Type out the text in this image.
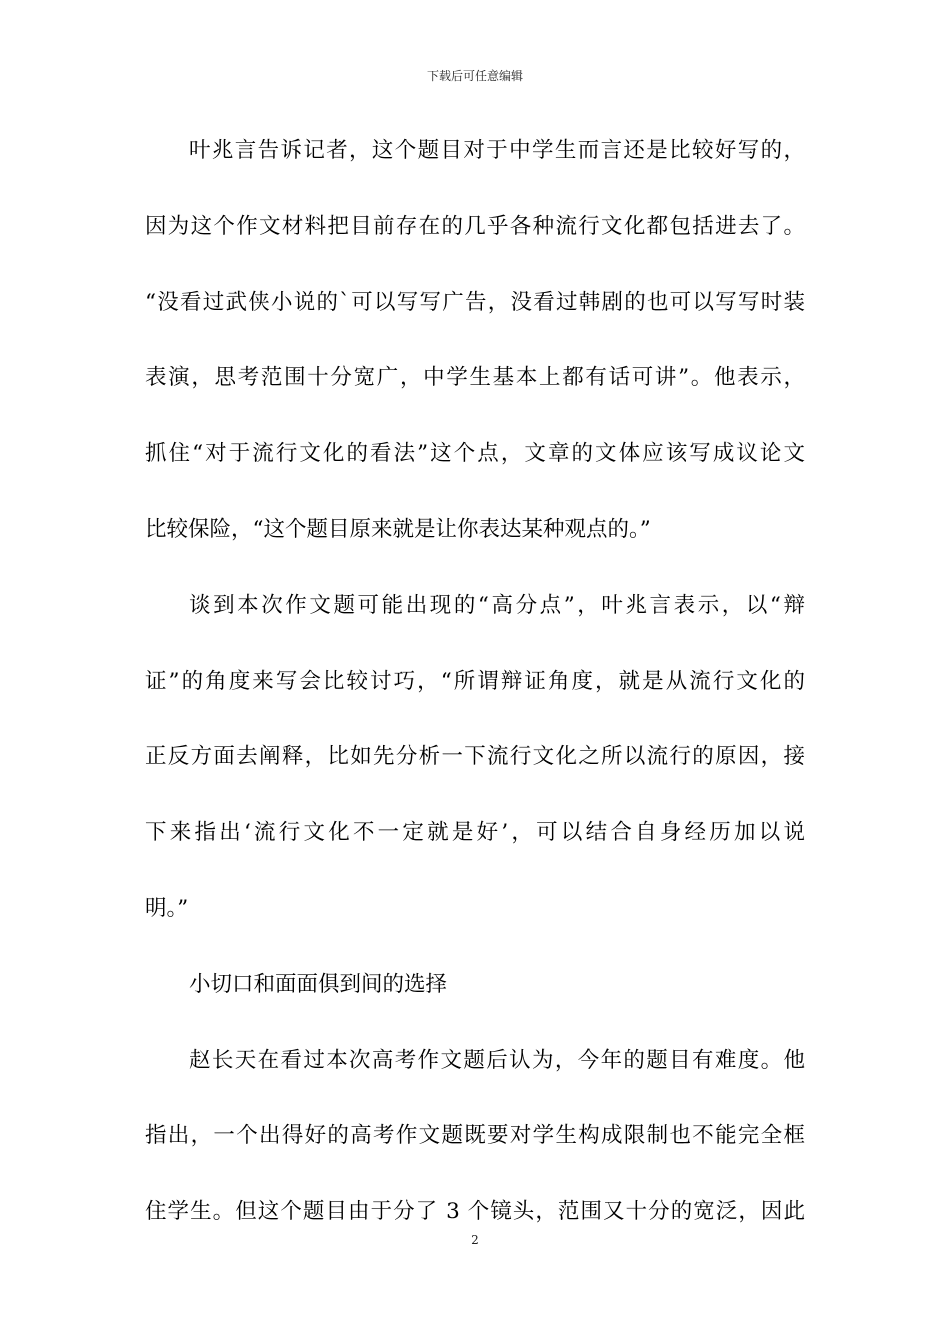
下载后可任意编辑
叶兆言告诉记者，这个题目对于中学生而言还是比较好写的，
因为这个作文材料把目前存在的几乎各种流行文化都包括进去了。
“没看过武侠小说的`可以写写广告，没看过韩剧的也可以写写时装
表演，思考范围十分宽广，中学生基本上都有话可讲”。他表示，
抓住“对于流行文化的看法”这个点，文章的文体应该写成议论文
比较保险，“这个题目原来就是让你表达某种观点的。”
谈到本次作文题可能出现的“高分点”，叶兆言表示，以“辩
证”的角度来写会比较讨巧，“所谓辩证角度，就是从流行文化的
正反方面去阐释，比如先分析一下流行文化之所以流行的原因，接
下来指出‘流行文化不一定就是好’，可以结合自身经历加以说
明。”
小切口和面面俱到间的选择
赵长天在看过本次高考作文题后认为，今年的题目有难度。他
指出，一个出得好的高考作文题既要对学生构成限制也不能完全框
住学生。但这个题目由于分了 3 个镜头，范围又十分的宽泛，因此
2
